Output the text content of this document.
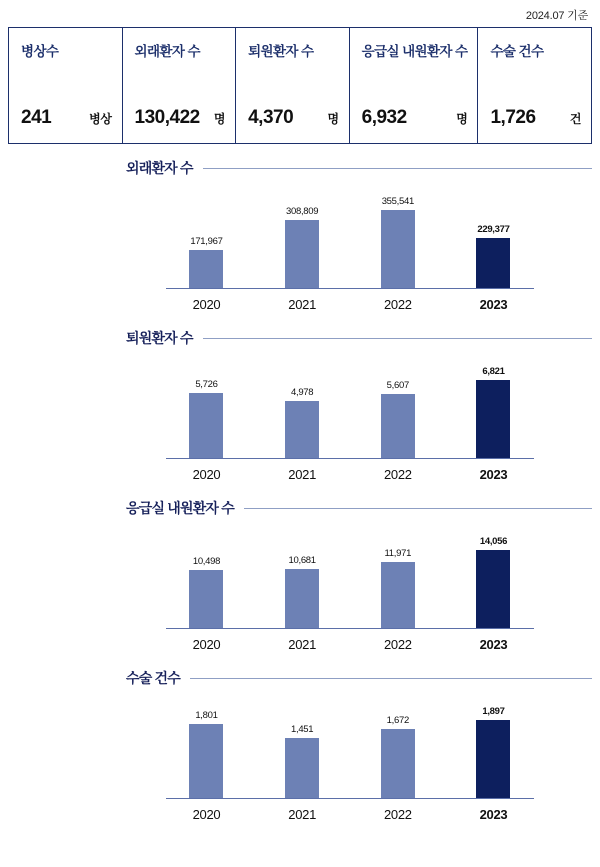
2024.07 기준
병상수
241	병상
외래환자 수
130,422 명
퇴원환자 수
4,370	명
응급실 내원환자 수
6,932	명
수술 건수
1,726	건
외래환자 수
171,967
308,809
355,541
229,377
2020	2021	2022	2023
퇴원환자 수
5,726
4,978
5,607
6,821
2020	2021	2022	2023
응급실 내원환자 수
10,498	10,681
11,971
14,056
2020	2021	2022	2023
수술 건수
1,801
1,451
1,672
1,897
2020	2021	2022	2023
